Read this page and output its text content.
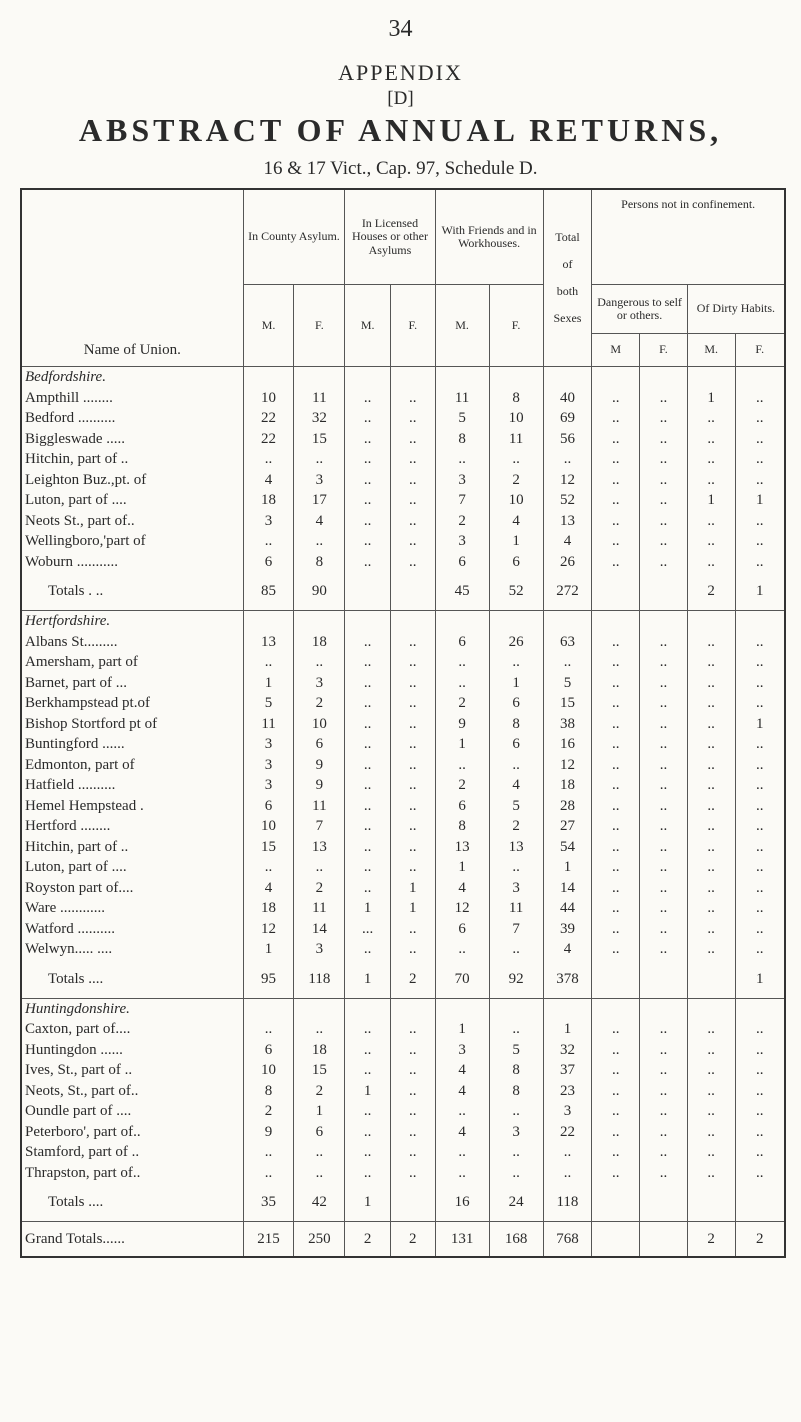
34
APPENDIX
[D]
ABSTRACT OF ANNUAL RETURNS,
16 & 17 Vict., Cap. 97, Schedule D.
Name of Union.	In County Asylum.		In Licensed Houses or other Asylums		With Friends and in Workhouses.		Total
of
both
Sexes	Persons not in confinement.			
	M.	F.	M.	F.	M.	F.		Dangerous to self or others.		Of Dirty Habits.	
								M	F.	M.	F.
Bedfordshire.											
Ampthill ........	10	11	..	..	11	8	40	..	..	1	..
Bedford ..........	22	32	..	..	5	10	69	..	..	..	..
Biggleswade .....	22	15	..	..	8	11	56	..	..	..	..
Hitchin, part of ..	..	..	..	..	..	..	..	..	..	..	..
Leighton Buz.,pt. of	4	3	..	..	3	2	12	..	..	..	..
Luton, part of ....	18	17	..	..	7	10	52	..	..	1	1
Neots St., part of..	3	4	..	..	2	4	13	..	..	..	..
Wellingboro,'part of	..	..	..	..	3	1	4	..	..	..	..
Woburn ...........	6	8	..	..	6	6	26	..	..	..	..
Totals . ..	85	90			45	52	272			2	1
Hertfordshire.											
Albans St.........	13	18	..	..	6	26	63	..	..	..	..
Amersham, part of	..	..	..	..	..	..	..	..	..	..	..
Barnet, part of ...	1	3	..	..	..	1	5	..	..	..	..
Berkhampstead pt.of	5	2	..	..	2	6	15	..	..	..	..
Bishop Stortford pt of	11	10	..	..	9	8	38	..	..	..	1
Buntingford ......	3	6	..	..	1	6	16	..	..	..	..
Edmonton, part of	3	9	..	..	..	..	12	..	..	..	..
Hatfield ..........	3	9	..	..	2	4	18	..	..	..	..
Hemel Hempstead .	6	11	..	..	6	5	28	..	..	..	..
Hertford ........	10	7	..	..	8	2	27	..	..	..	..
Hitchin, part of ..	15	13	..	..	13	13	54	..	..	..	..
Luton, part of ....	..	..	..	..	1	..	1	..	..	..	..
Royston part of....	4	2	..	1	4	3	14	..	..	..	..
Ware ............	18	11	1	1	12	11	44	..	..	..	..
Watford ..........	12	14	...	..	6	7	39	..	..	..	..
Welwyn..... ....	1	3	..	..	..	..	4	..	..	..	..
Totals ....	95	118	1	2	70	92	378				1
Huntingdonshire.											
Caxton, part of....	..	..	..	..	1	..	1	..	..	..	..
Huntingdon ......	6	18	..	..	3	5	32	..	..	..	..
Ives, St., part of ..	10	15	..	..	4	8	37	..	..	..	..
Neots, St., part of..	8	2	1	..	4	8	23	..	..	..	..
Oundle part of ....	2	1	..	..	..	..	3	..	..	..	..
Peterboro', part of..	9	6	..	..	4	3	22	..	..	..	..
Stamford, part of ..	..	..	..	..	..	..	..	..	..	..	..
Thrapston, part of..	..	..	..	..	..	..	..	..	..	..	..
Totals ....	35	42	1		16	24	118				
Grand Totals......	215	250	2	2	131	168	768			2	2
